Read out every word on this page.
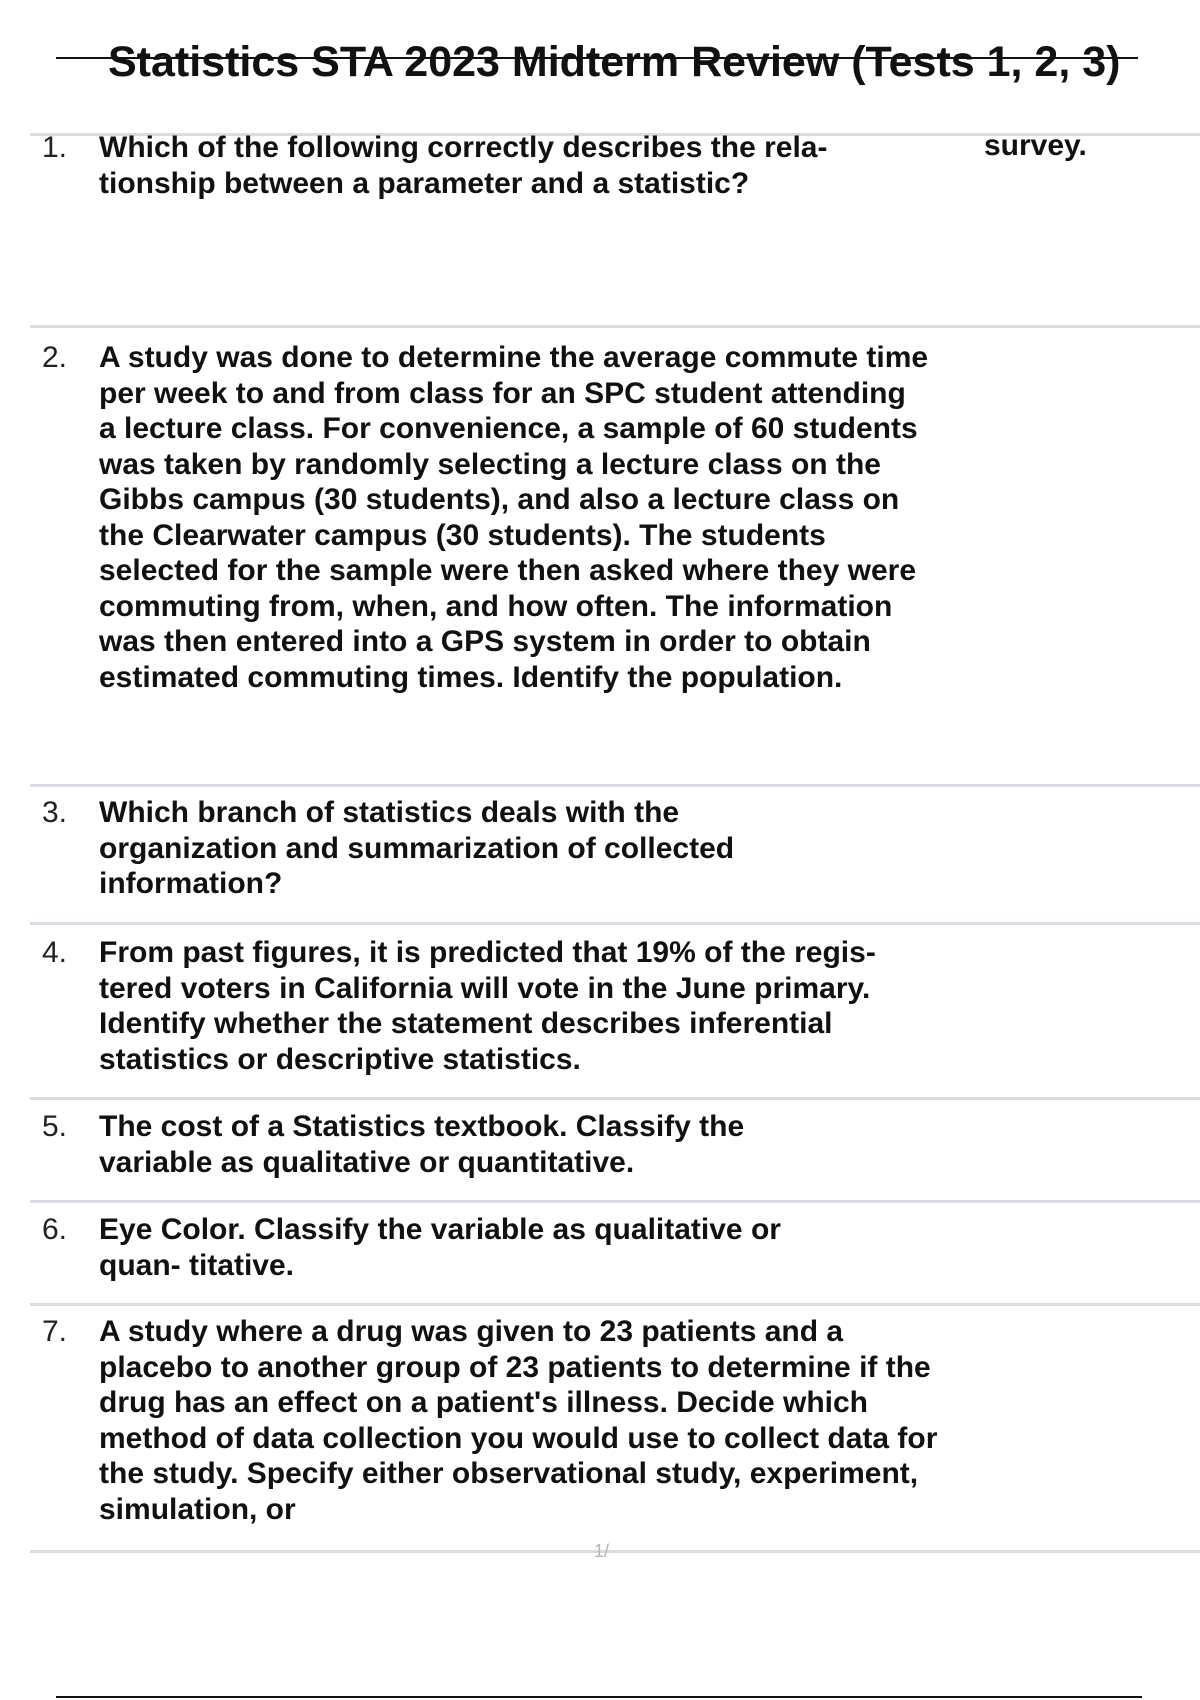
Statistics STA 2023 Midterm Review (Tests 1, 2, 3)
survey.
1. Which of the following correctly describes the rela- tionship between a parameter and a statistic?
2. A study was done to determine the average commute time per week to and from class for an SPC student attending a lecture class. For convenience, a sample of 60 students was taken by randomly selecting a lecture class on the Gibbs campus (30 students), and also a lecture class on the Clearwater campus (30 students). The students selected for the sample were then asked where they were commuting from, when, and how often. The information was then entered into a GPS system in order to obtain estimated commuting times. Identify the population.
3. Which branch of statistics deals with the organization and summarization of collected information?
4. From past figures, it is predicted that 19% of the regis- tered voters in California will vote in the June primary. Identify whether the statement describes inferential statistics or descriptive statistics.
5. The cost of a Statistics textbook. Classify the variable as qualitative or quantitative.
6. Eye Color. Classify the variable as qualitative or quan- titative.
7. A study where a drug was given to 23 patients and a placebo to another group of 23 patients to determine if the drug has an effect on a patient's illness. Decide which method of data collection you would use to collect data for the study. Specify either observational study, experiment, simulation, or
1/
